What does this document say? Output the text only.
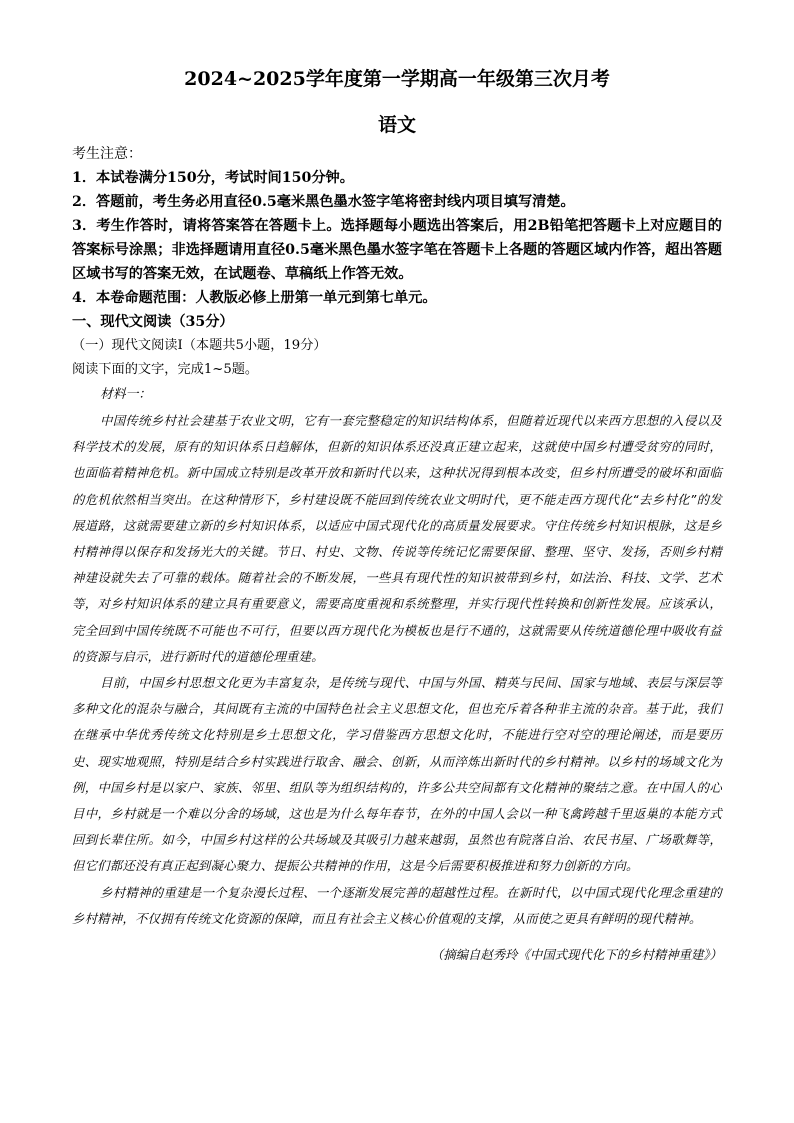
2024~2025学年度第一学期高一年级第三次月考
语文
考生注意：
1．本试卷满分150分，考试时间150分钟。
2．答题前，考生务必用直径0.5毫米黑色墨水签字笔将密封线内项目填写清楚。
3．考生作答时，请将答案答在答题卡上。选择题每小题选出答案后，用2B铅笔把答题卡上对应题目的答案标号涂黑；非选择题请用直径0.5毫米黑色墨水签字笔在答题卡上各题的答题区域内作答，超出答题区域书写的答案无效，在试题卷、草稿纸上作答无效。
4．本卷命题范围：人教版必修上册第一单元到第七单元。
一、现代文阅读（35分）
（一）现代文阅读Ⅰ（本题共5小题，19分）
阅读下面的文字，完成1~5题。
材料一：
中国传统乡村社会建基于农业文明，它有一套完整稳定的知识结构体系，但随着近现代以来西方思想的入侵以及科学技术的发展，原有的知识体系日趋解体，但新的知识体系还没真正建立起来，这就使中国乡村遭受贫穷的同时，也面临着精神危机。新中国成立特别是改革开放和新时代以来，这种状况得到根本改变，但乡村所遭受的破坏和面临的危机依然相当突出。在这种情形下，乡村建设既不能回到传统农业文明时代，更不能走西方现代化“去乡村化”的发展道路，这就需要建立新的乡村知识体系，以适应中国式现代化的高质量发展要求。守住传统乡村知识根脉，这是乡村精神得以保存和发扬光大的关键。节日、村史、文物、传说等传统记忆需要保留、整理、坚守、发扬，否则乡村精神建设就失去了可靠的载体。随着社会的不断发展，一些具有现代性的知识被带到乡村，如法治、科技、文学、艺术等，对乡村知识体系的建立具有重要意义，需要高度重视和系统整理，并实行现代性转换和创新性发展。应该承认，完全回到中国传统既不可能也不可行，但要以西方现代化为模板也是行不通的，这就需要从传统道德伦理中吸收有益的资源与启示，进行新时代的道德伦理重建。
目前，中国乡村思想文化更为丰富复杂，是传统与现代、中国与外国、精英与民间、国家与地域、表层与深层等多种文化的混杂与融合，其间既有主流的中国特色社会主义思想文化，但也充斥着各种非主流的杂音。基于此，我们在继承中华优秀传统文化特别是乡土思想文化，学习借鉴西方思想文化时，不能进行空对空的理论阐述，而是要历史、现实地观照，特别是结合乡村实践进行取舍、融会、创新，从而淬炼出新时代的乡村精神。以乡村的场域文化为例，中国乡村是以家户、家族、邻里、组队等为组织结构的，许多公共空间都有文化精神的聚结之意。在中国人的心目中，乡村就是一个难以分舍的场域，这也是为什么每年春节，在外的中国人会以一种飞禽跨越千里返巢的本能方式回到长辈住所。如今，中国乡村这样的公共场域及其吸引力越来越弱，虽然也有院落自治、农民书屋、广场歌舞等，但它们都还没有真正起到凝心聚力、提振公共精神的作用，这是今后需要积极推进和努力创新的方向。
乡村精神的重建是一个复杂漫长过程、一个逐渐发展完善的超越性过程。在新时代，以中国式现代化理念重建的乡村精神，不仅拥有传统文化资源的保障，而且有社会主义核心价值观的支撑，从而使之更具有鲜明的现代精神。
（摘编自赵秀玲《中国式现代化下的乡村精神重建》）
